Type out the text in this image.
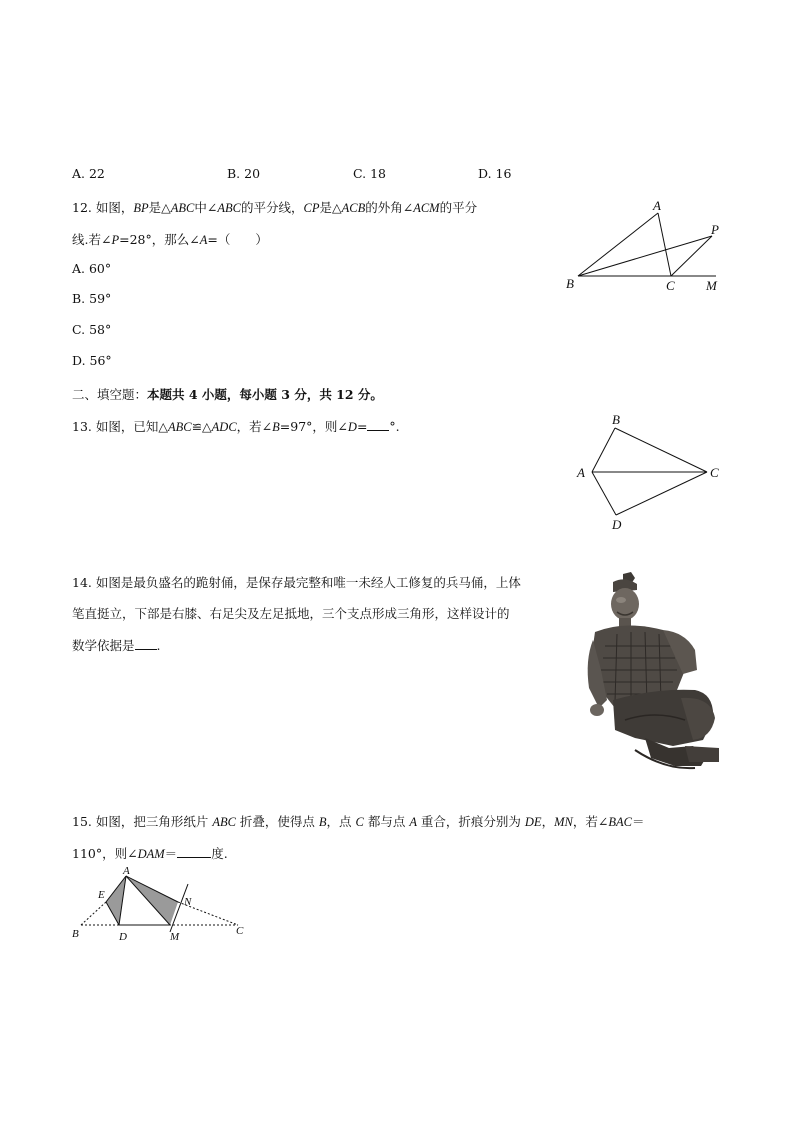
A. 22	B. 20	C. 18	D. 16
12. 如图，BP是△ABC中∠ABC的平分线，CP是△ACB的外角∠ACM的平分
线.若∠P=28°，那么∠A=（　　）
A. 60°
B. 59°
C. 58°
D. 56°
A
P
B	C M
二、填空题：本题共 4 小题，每小题 3 分，共 12 分。
13. 如图，已知△ABC≌△ADC，若∠B=97°，则∠D= °.	B
A	C
D
14. 如图是最负盛名的跪射俑，是保存最完整和唯一未经人工修复的兵马俑，上体
笔直挺立，下部是右膝、右足尖及左足抵地，三个支点形成三角形，这样设计的
数学依据是 .
15. 如图，把三角形纸片 ABC 折叠，使得点 B，点 C 都与点 A 重合，折痕分别为 DE，MN，若∠BAC＝
110°，则∠DAM＝	度.
A
E
N
B	D	M	C
